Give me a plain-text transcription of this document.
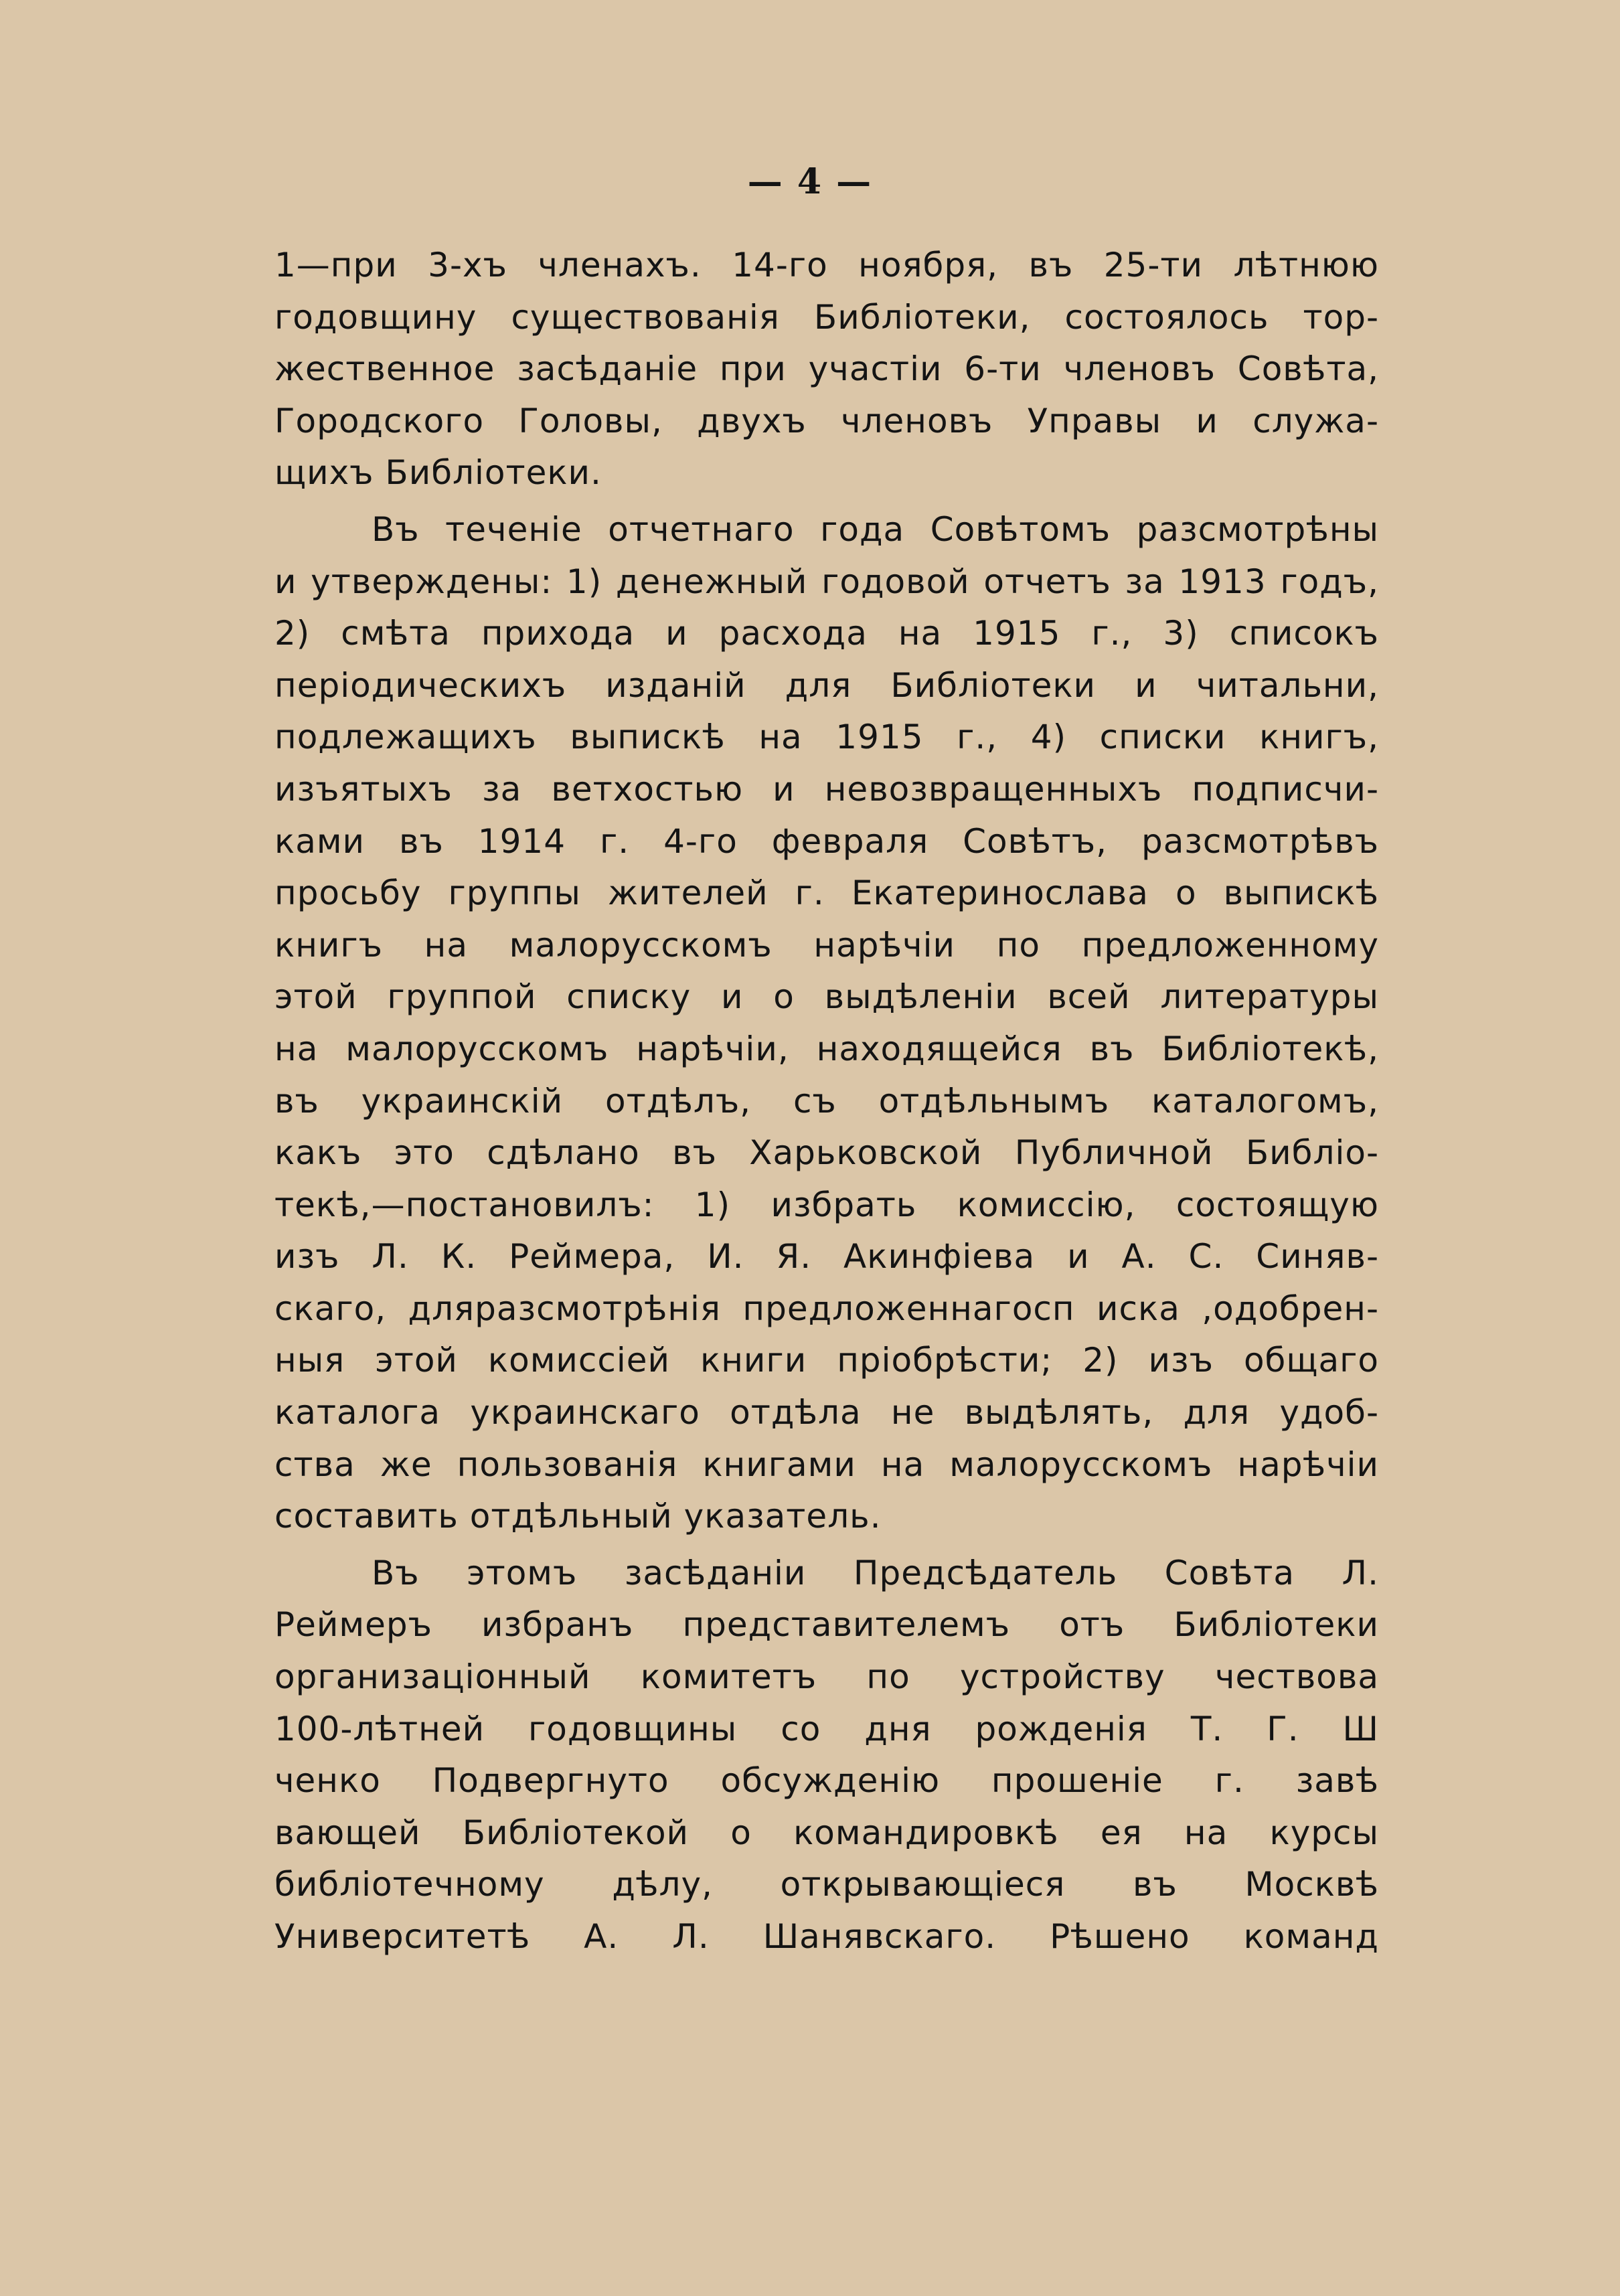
— 4 —
1—при 3-хъ членахъ. 14-го ноября, въ 25-ти лѣтнюю
годовщину существованія Библіотеки, состоялось тор-
жественное засѣданіе при участіи 6-ти членовъ Совѣта,
Городского Головы, двухъ членовъ Управы и служа-
щихъ Библіотеки.
Въ теченіе отчетнаго года Совѣтомъ разсмотрѣны
и утверждены: 1) денежный годовой отчетъ за 1913 годъ,
2) смѣта прихода и расхода на 1915 г., 3) списокъ
періодическихъ изданій для Библіотеки и читальни,
подлежащихъ выпискѣ на 1915 г., 4) списки книгъ,
изъятыхъ за ветхостью и невозвращенныхъ подписчи-
ками въ 1914 г. 4-го февраля Совѣтъ, разсмотрѣвъ
просьбу группы жителей г. Екатеринослава о выпискѣ
книгъ на малорусскомъ нарѣчіи по предложенному
этой группой списку и о выдѣленіи всей литературы
на малорусскомъ нарѣчіи, находящейся въ Библіотекѣ,
въ украинскій отдѣлъ, съ отдѣльнымъ каталогомъ,
какъ это сдѣлано въ Харьковской Публичной Библіо-
текѣ,—постановилъ: 1) избрать комиссію, состоящую
изъ Л. К. Реймера, И. Я. Акинфіева и А. С. Синяв-
скаго, дляразсмотрѣнія предложеннагосп иска ,одобрен-
ныя этой комиссіей книги пріобрѣсти; 2) изъ общаго
каталога украинскаго отдѣла не выдѣлять, для удоб-
ства же пользованія книгами на малорусскомъ нарѣчіи
составить отдѣльный указатель.
Въ этомъ засѣданіи Предсѣдатель Совѣта Л.
Реймеръ избранъ представителемъ отъ Библіотеки
организаціонный комитетъ по устройству чествова
100-лѣтней годовщины со дня рожденія Т. Г. Ш
ченко Подвергнуто обсужденію прошеніе г. завѣ
вающей Библіотекой о командировкѣ ея на курсы
библіотечному дѣлу, открывающіеся въ Москвѣ
Университетѣ А. Л. Шанявскаго. Рѣшено команд
